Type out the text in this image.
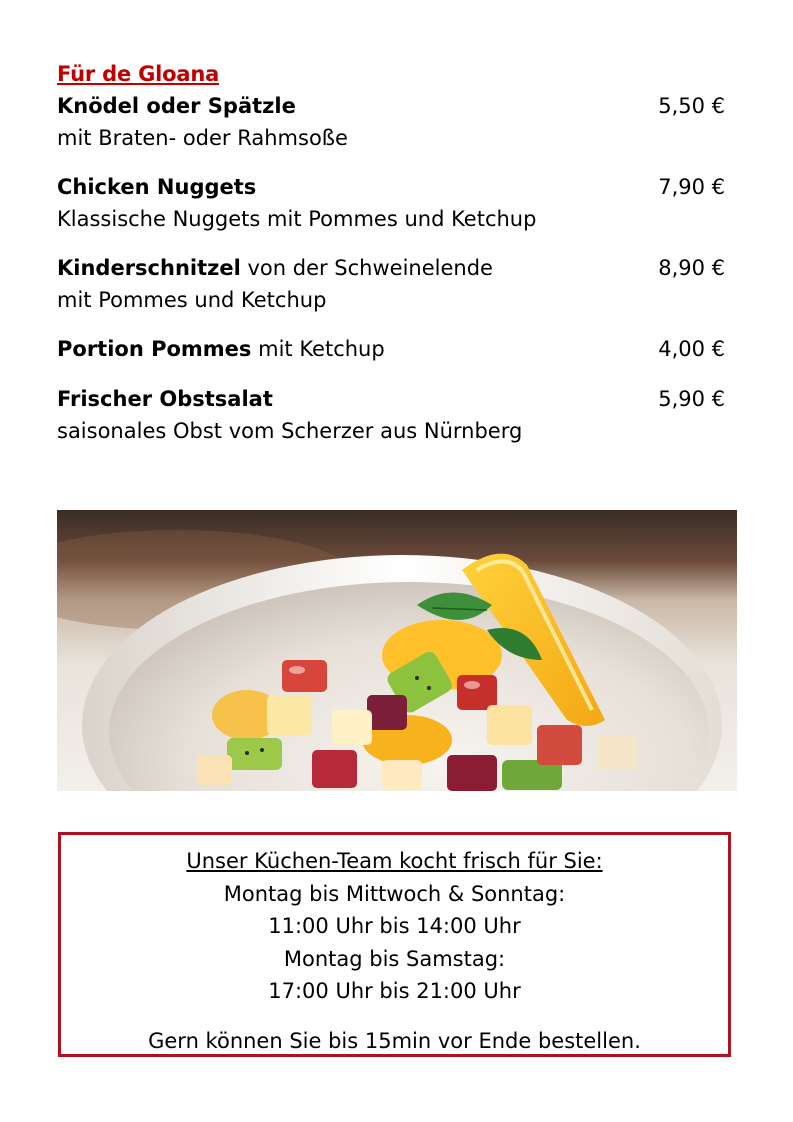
Für de Gloana
Knödel oder Spätzle	5,50 €
mit Braten- oder Rahmsoße
Chicken Nuggets	7,90 €
Klassische Nuggets mit Pommes und Ketchup
Kinderschnitzel von der Schweinelende	8,90 €
mit Pommes und Ketchup
Portion Pommes mit Ketchup	4,00 €
Frischer Obstsalat	5,90 €
saisonales Obst vom Scherzer aus Nürnberg
Unser Küchen-Team kocht frisch für Sie:
Montag bis Mittwoch & Sonntag:
11:00 Uhr bis 14:00 Uhr
Montag bis Samstag:
17:00 Uhr bis 21:00 Uhr
Gern können Sie bis 15min vor Ende bestellen.
